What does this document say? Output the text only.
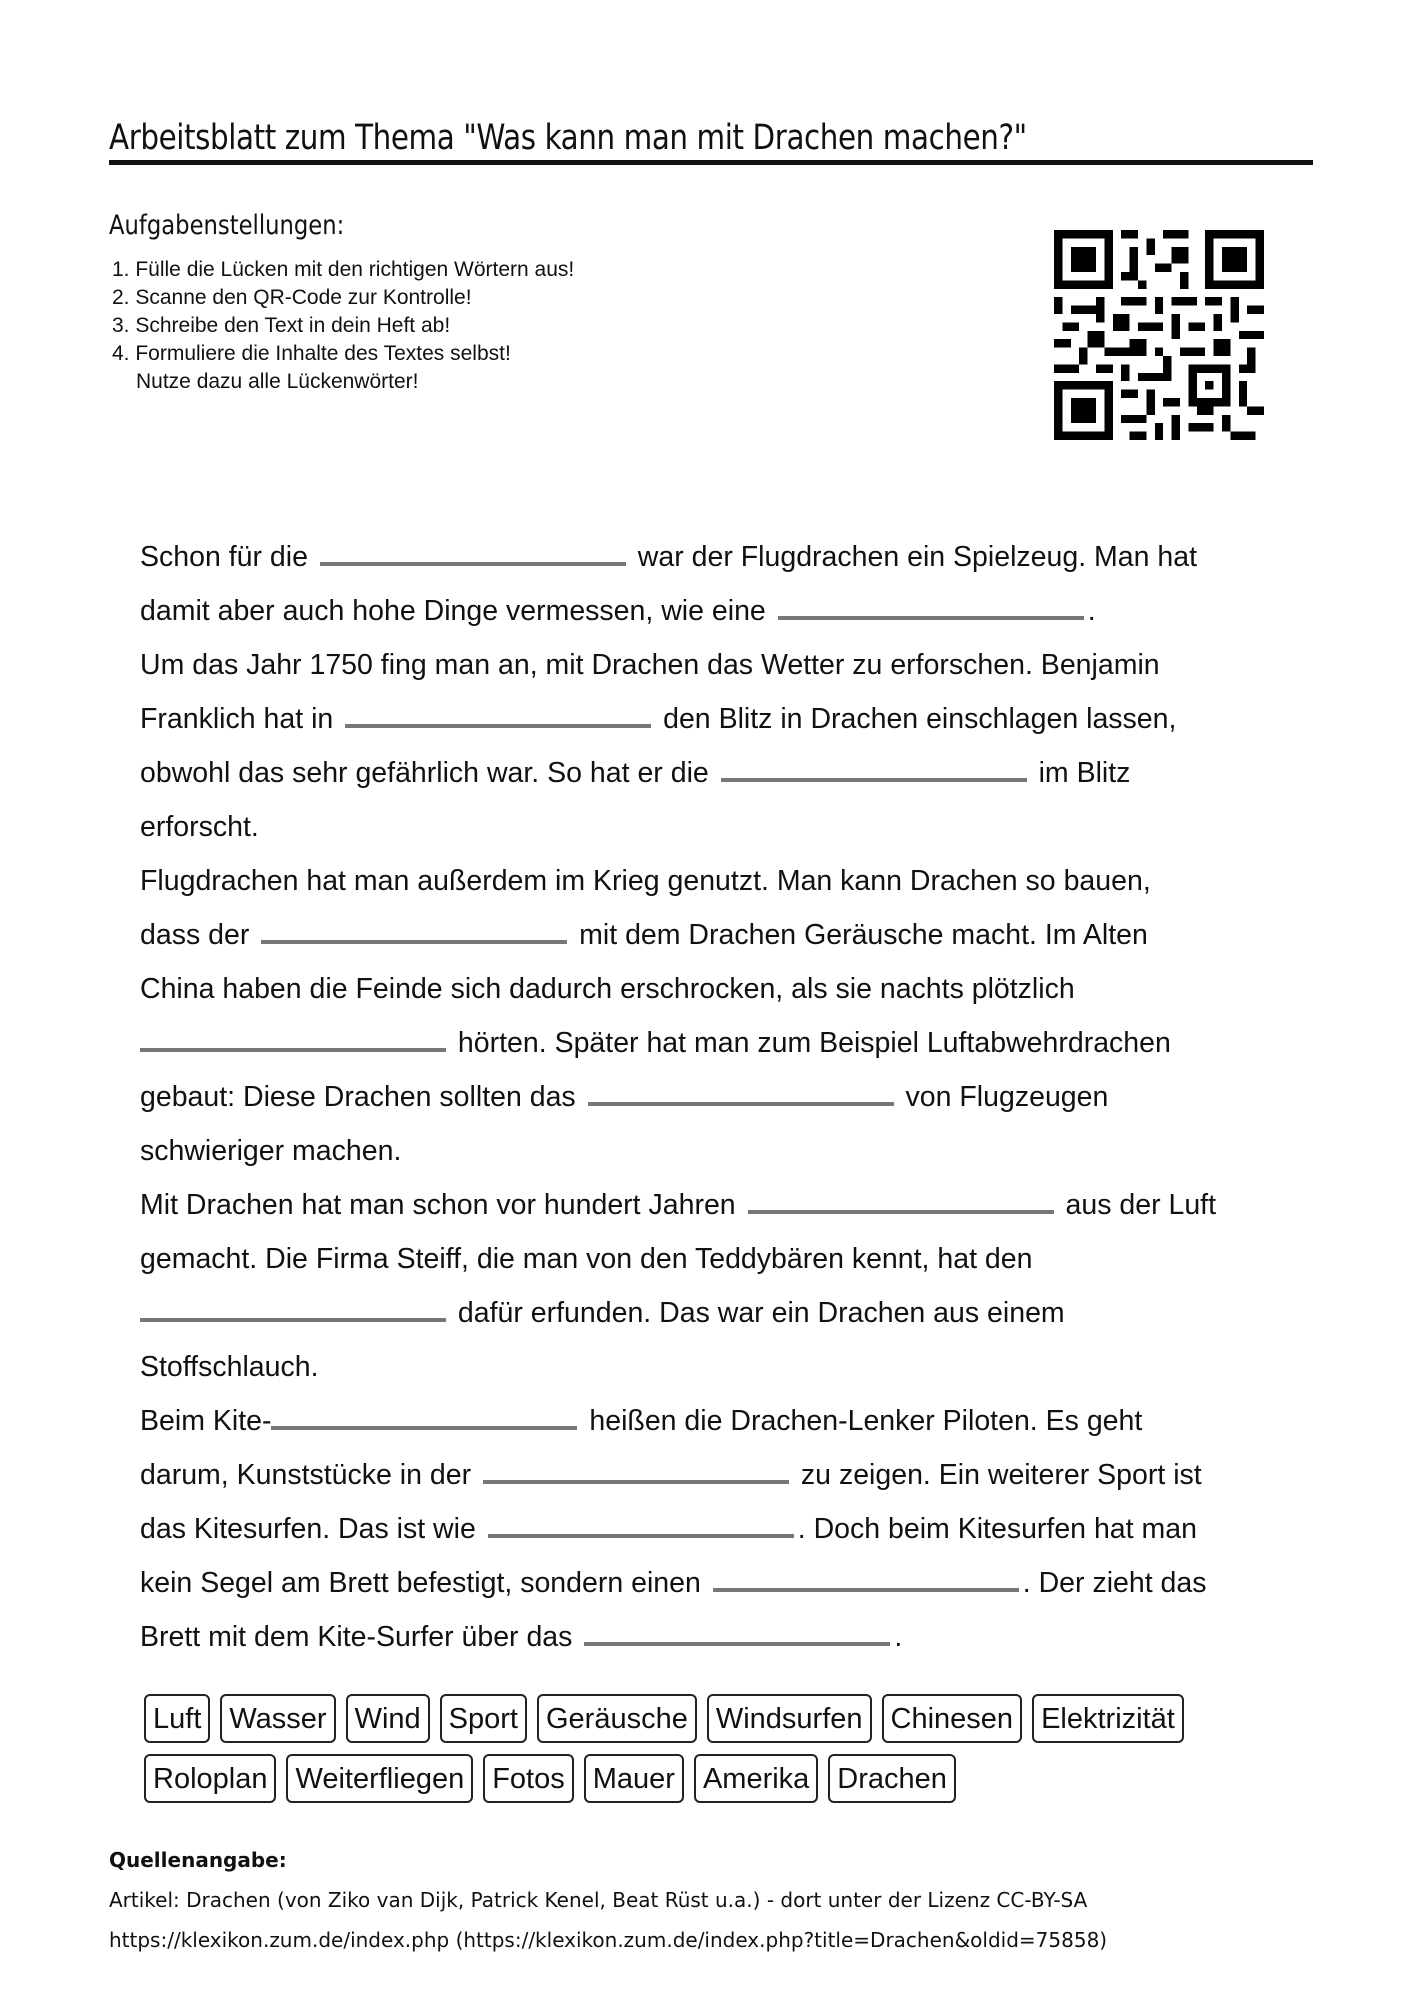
Arbeitsblatt zum Thema "Was kann man mit Drachen machen?"
Aufgabenstellungen:
1. Fülle die Lücken mit den richtigen Wörtern aus!
2. Scanne den QR-Code zur Kontrolle!
3. Schreibe den Text in dein Heft ab!
4. Formuliere die Inhalte des Textes selbst!
Nutze dazu alle Lückenwörter!
Schon für die	war der Flugdrachen ein Spielzeug. Man hat
damit aber auch hohe Dinge vermessen, wie eine	.
Um das Jahr 1750 fing man an, mit Drachen das Wetter zu erforschen. Benjamin
Franklich hat in	den Blitz in Drachen einschlagen lassen,
obwohl das sehr gefährlich war. So hat er die	im Blitz
erforscht.
Flugdrachen hat man außerdem im Krieg genutzt. Man kann Drachen so bauen,
dass der	mit dem Drachen Geräusche macht. Im Alten
China haben die Feinde sich dadurch erschrocken, als sie nachts plötzlich
hörten. Später hat man zum Beispiel Luftabwehrdrachen
gebaut: Diese Drachen sollten das	von Flugzeugen
schwieriger machen.
Mit Drachen hat man schon vor hundert Jahren	aus der Luft
gemacht. Die Firma Steiff, die man von den Teddybären kennt, hat den
dafür erfunden. Das war ein Drachen aus einem
Stoffschlauch.
Beim Kite-	heißen die Drachen-Lenker Piloten. Es geht
darum, Kunststücke in der	zu zeigen. Ein weiterer Sport ist
das Kitesurfen. Das ist wie	. Doch beim Kitesurfen hat man
kein Segel am Brett befestigt, sondern einen	. Der zieht das
Brett mit dem Kite-Surfer über das	.
Luft Wasser Wind Sport Geräusche Windsurfen Chinesen Elektrizität
Roloplan Weiterfliegen Fotos Mauer Amerika Drachen
Quellenangabe:
Artikel: Drachen (von Ziko van Dijk, Patrick Kenel, Beat Rüst u.a.) - dort unter der Lizenz CC-BY-SA
https://klexikon.zum.de/index.php (https://klexikon.zum.de/index.php?title=Drachen&oldid=75858)
